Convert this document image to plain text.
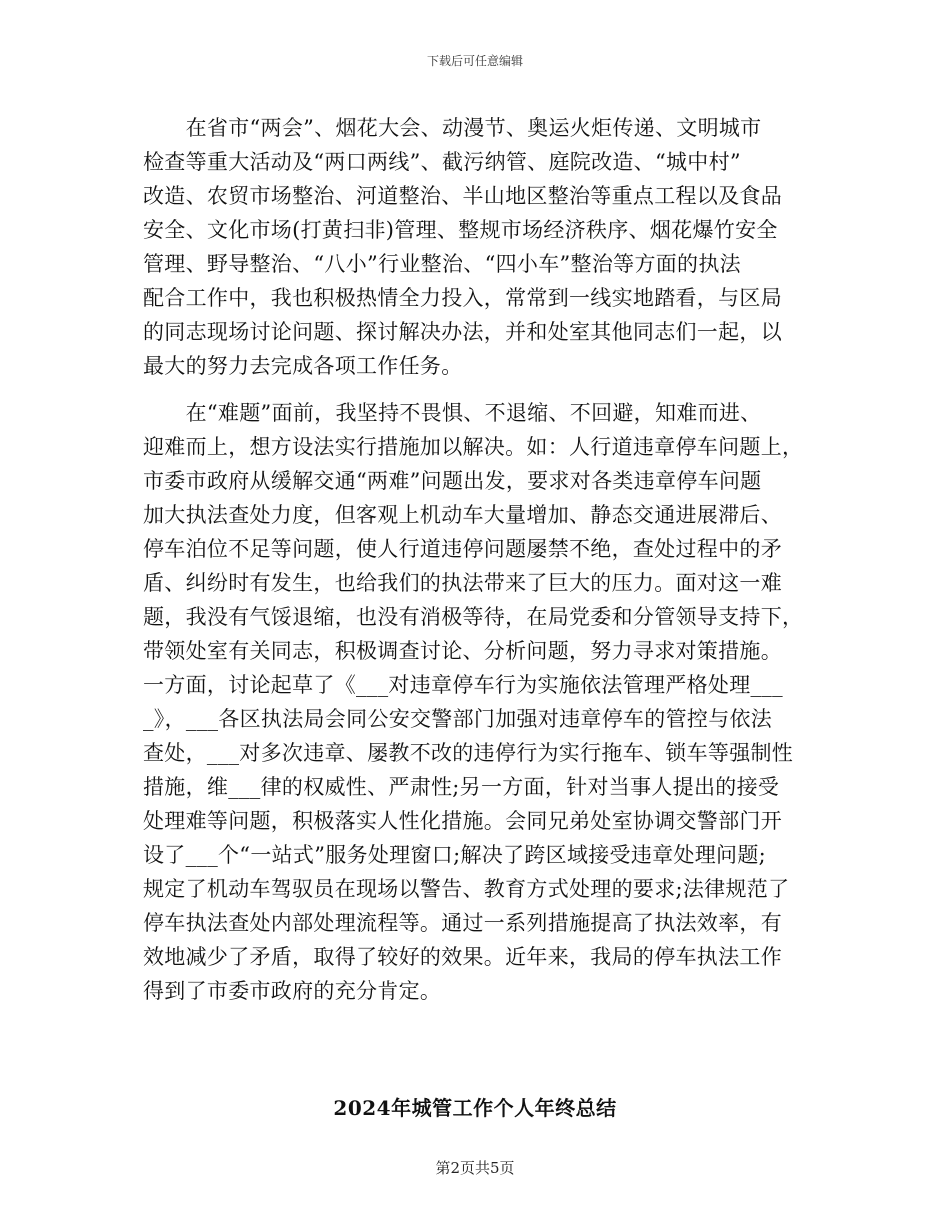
下载后可任意编辑

　　在省市“两会”、烟花大会、动漫节、奥运火炬传递、文明城市

检查等重大活动及“两口两线”、截污纳管、庭院改造、“城中村”

改造、农贸市场整治、河道整治、半山地区整治等重点工程以及食品

安全、文化市场(打黄扫非)管理、整规市场经济秩序、烟花爆竹安全

管理、野导整治、“八小”行业整治、“四小车”整治等方面的执法

配合工作中，我也积极热情全力投入，常常到一线实地踏看，与区局

的同志现场讨论问题、探讨解决办法，并和处室其他同志们一起，以

最大的努力去完成各项工作任务。

　　在“难题”面前，我坚持不畏惧、不退缩、不回避，知难而进、

迎难而上，想方设法实行措施加以解决。如：人行道违章停车问题上，

市委市政府从缓解交通“两难”问题出发，要求对各类违章停车问题

加大执法查处力度，但客观上机动车大量增加、静态交通进展滞后、

停车泊位不足等问题，使人行道违停问题屡禁不绝，查处过程中的矛

盾、纠纷时有发生，也给我们的执法带来了巨大的压力。面对这一难

题，我没有气馁退缩，也没有消极等待，在局党委和分管领导支持下，

带领处室有关同志，积极调查讨论、分析问题，努力寻求对策措施。

一方面，讨论起草了《___对违章停车行为实施依法管理严格处理___

_》，___各区执法局会同公安交警部门加强对违章停车的管控与依法

查处，___对多次违章、屡教不改的违停行为实行拖车、锁车等强制性

措施，维___律的权威性、严肃性;另一方面，针对当事人提出的接受

处理难等问题，积极落实人性化措施。会同兄弟处室协调交警部门开

设了___个“一站式”服务处理窗口;解决了跨区域接受违章处理问题;

规定了机动车驾驭员在现场以警告、教育方式处理的要求;法律规范了

停车执法查处内部处理流程等。通过一系列措施提高了执法效率，有

效地减少了矛盾，取得了较好的效果。近年来，我局的停车执法工作

得到了市委市政府的充分肯定。

2024年城管工作个人年终总结
第2页共5页
